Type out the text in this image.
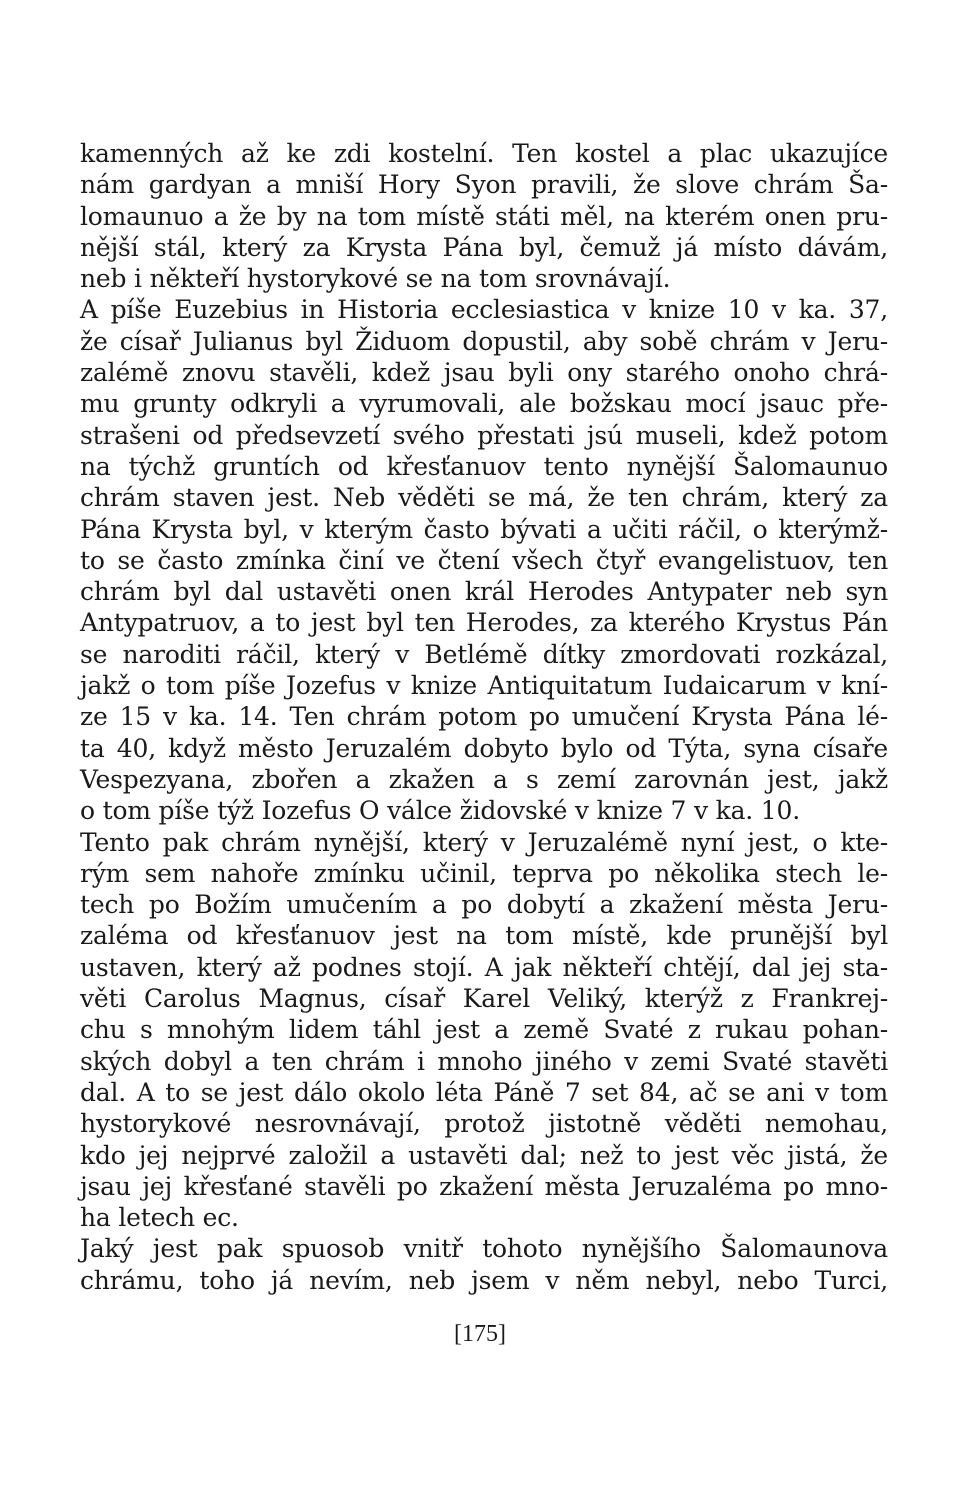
kamenných až ke zdi kostelní. Ten kostel a plac ukazujíce
nám gardyan a mniší Hory Syon pravili, že slove chrám Ša-
lomaunuo a že by na tom místě státi měl, na kterém onen pru-
nější stál, který za Krysta Pána byl, čemuž já místo dávám,
neb i někteří hystorykové se na tom srovnávají.
A píše Euzebius in Historia ecclesiastica v knize 10 v ka. 37,
že císař Julianus byl Židuom dopustil, aby sobě chrám v Jeru-
zalémě znovu stavěli, kdež jsau byli ony starého onoho chrá-
mu grunty odkryli a vyrumovali, ale božskau mocí jsauc pře-
strašeni od předsevzetí svého přestati jsú museli, kdež potom
na týchž gruntích od křesťanuov tento nynější Šalomaunuo
chrám staven jest. Neb věděti se má, že ten chrám, který za
Pána Krysta byl, v kterým často bývati a učiti ráčil, o kterýmž-
to se často zmínka činí ve čtení všech čtyř evangelistuov, ten
chrám byl dal ustavěti onen král Herodes Antypater neb syn
Antypatruov, a to jest byl ten Herodes, za kterého Krystus Pán
se naroditi ráčil, který v Betlémě dítky zmordovati rozkázal,
jakž o tom píše Jozefus v knize Antiquitatum Iudaicarum v kní-
ze 15 v ka. 14. Ten chrám potom po umučení Krysta Pána lé-
ta 40, když město Jeruzalém dobyto bylo od Týta, syna císaře
Vespezyana, zbořen a zkažen a s zemí zarovnán jest, jakž
o tom píše týž Iozefus O válce židovské v knize 7 v ka. 10.
Tento pak chrám nynější, který v Jeruzalémě nyní jest, o kte-
rým sem nahoře zmínku učinil, teprva po několika stech le-
tech po Božím umučením a po dobytí a zkažení města Jeru-
zaléma od křesťanuov jest na tom místě, kde prunější byl
ustaven, který až podnes stojí. A jak někteří chtějí, dal jej sta-
věti Carolus Magnus, císař Karel Veliký, kterýž z Frankrej-
chu s mnohým lidem táhl jest a země Svaté z rukau pohan-
ských dobyl a ten chrám i mnoho jiného v zemi Svaté stavěti
dal. A to se jest dálo okolo léta Páně 7 set 84, ač se ani v tom
hystorykové nesrovnávají, protož jistotně věděti nemohau,
kdo jej nejprvé založil a ustavěti dal; než to jest věc jistá, že
jsau jej křesťané stavěli po zkažení města Jeruzaléma po mno-
ha letech ec.
Jaký jest pak spuosob vnitř tohoto nynějšího Šalomaunova
chrámu, toho já nevím, neb jsem v něm nebyl, nebo Turci,
[175]
